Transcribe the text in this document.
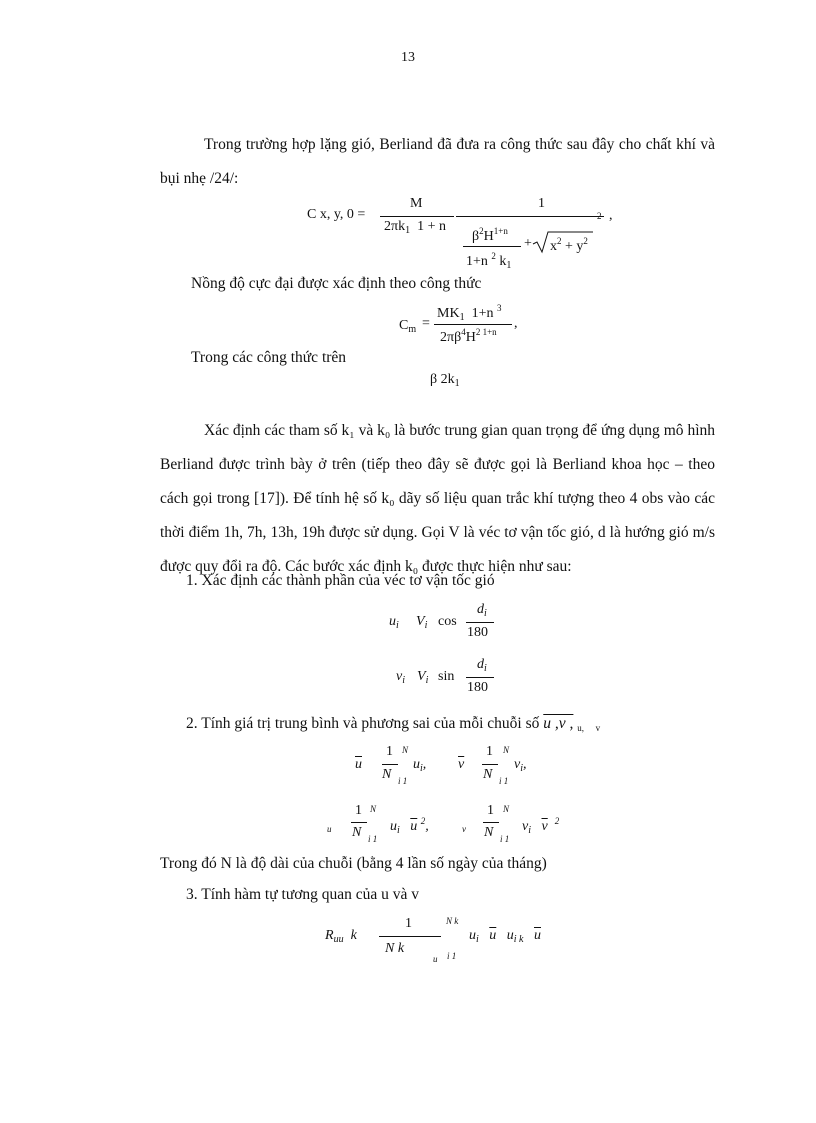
13

Trong trường hợp lặng gió, Berliand đã đưa ra công thức sau đây cho chất khí và bụi nhẹ /24/:

C x, y, 0 =
M
$2\pi k_1$ 1 + n
1
2 ,
$\beta^2H^{1+n}$
1+n $^2$ $k_1$
+ $x^2 + y^2$
Nồng độ cực đại được xác định theo công thức
$C_m$ =
$MK_1$ 1+n $^3$
$2\pi\beta^4H^{2 1+n}$
,
Trong các công thức trên
β $2k_1$

Xác định các tham số k₁ và k₀ là bước trung gian quan trọng để ứng dụng mô hình Berliand được trình bày ở trên (tiếp theo đây sẽ được gọi là Berliand khoa học – theo cách gọi trong [17]). Để tính hệ số k₀ dãy số liệu quan trắc khí tượng theo 4 obs vào các thời điểm 1h, 7h, 13h, 19h được sử dụng. Gọi V là véc tơ vận tốc gió, d là hướng gió m/s được quy đổi ra độ. Các bước xác định k₀ được thực hiện như sau:

1. Xác định các thành phần của véc tơ vận tốc gió
$u_i$ $V_i$ cos
$d_i$
180
$v_i$ $V_i$ sin
$d_i$
180
2. Tính giá trị trung bình và phương sai của mỗi chuỗi số u ,v , u, v
$\overline{u}$
1
N
N
i 1
$u_i$, $\overline{v}$
1
N
N
i 1
$v_i$,
u
1
N
N
i 1
$u_i$ $\overline{u}$ $^2$,	v
1
N
N
i 1
$v_i$ $\overline{v}$ $^2$
Trong đó N là độ dài của chuỗi (bằng 4 lần số ngày của tháng)
3. Tính hàm tự tương quan của u và v
$R_{uu}$ k
1
N k
u
N k
i 1
$u_i$ $\overline{u}$ $u_{i k}$ $\overline{u}$
